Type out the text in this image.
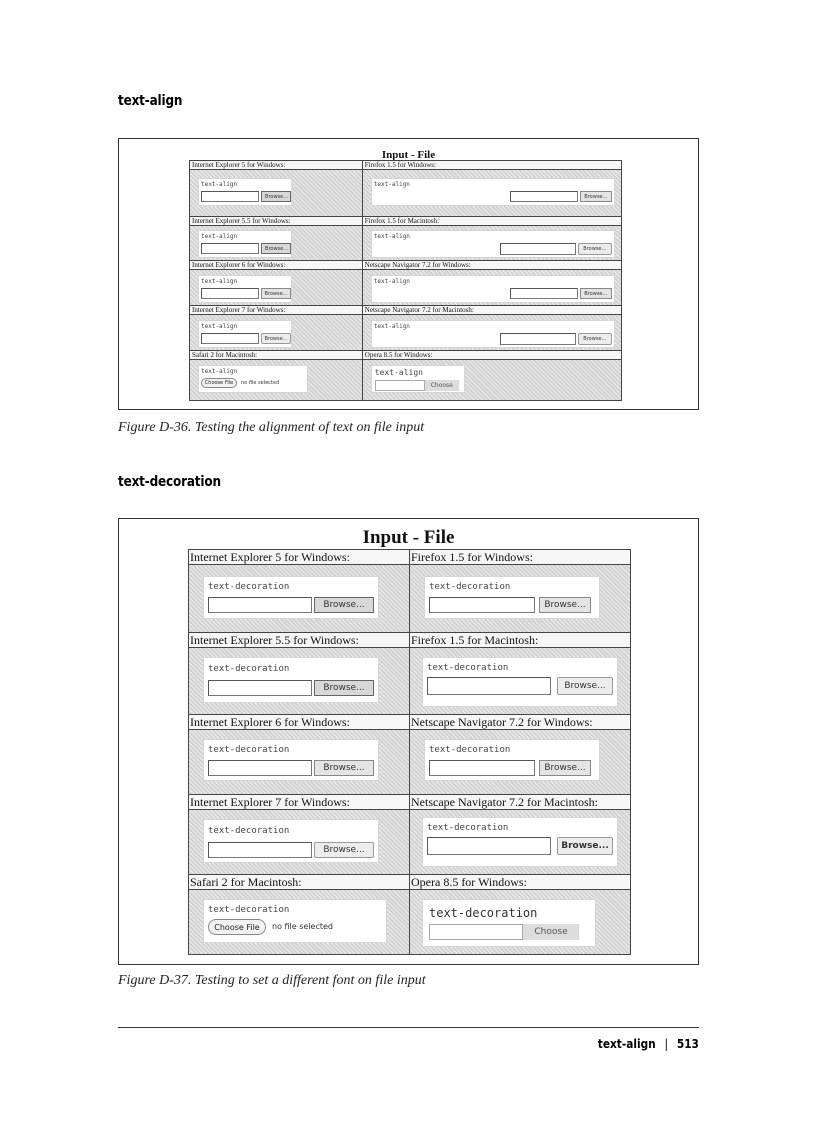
text-align
Input - File
Internet Explorer 5 for Windows:
text-align
Browse...
Firefox 1.5 for Windows:
text-align
Browse...
Internet Explorer 5.5 for Windows:
text-align
Browse...
Firefox 1.5 for Macintosh:
text-align
Browse...
Internet Explorer 6 for Windows:
text-align
Browse...
Netscape Navigator 7.2 for Windows:
text-align
Browse...
Internet Explorer 7 for Windows:
text-align
Browse...
Netscape Navigator 7.2 for Macintosh:
text-align
Browse...
Safari 2 for Macintosh:
text-align
Choose File	no file selected
Opera 8.5 for Windows:
text-align
Choose
Figure D-36. Testing the alignment of text on file input
text-decoration
Input - File
Internet Explorer 5 for Windows:
text-decoration
Browse...
Firefox 1.5 for Windows:
text-decoration
Browse...
Internet Explorer 5.5 for Windows:
text-decoration
Browse...
Firefox 1.5 for Macintosh:
text-decoration
Browse...
Internet Explorer 6 for Windows:
text-decoration
Browse...
Netscape Navigator 7.2 for Windows:
text-decoration
Browse...
Internet Explorer 7 for Windows:
text-decoration
Browse...
Netscape Navigator 7.2 for Macintosh:
text-decoration
Browse...
Safari 2 for Macintosh:
text-decoration
Choose File	no file selected
Opera 8.5 for Windows:
text-decoration
Choose
Figure D-37. Testing to set a different font on file input
text-align | 513
